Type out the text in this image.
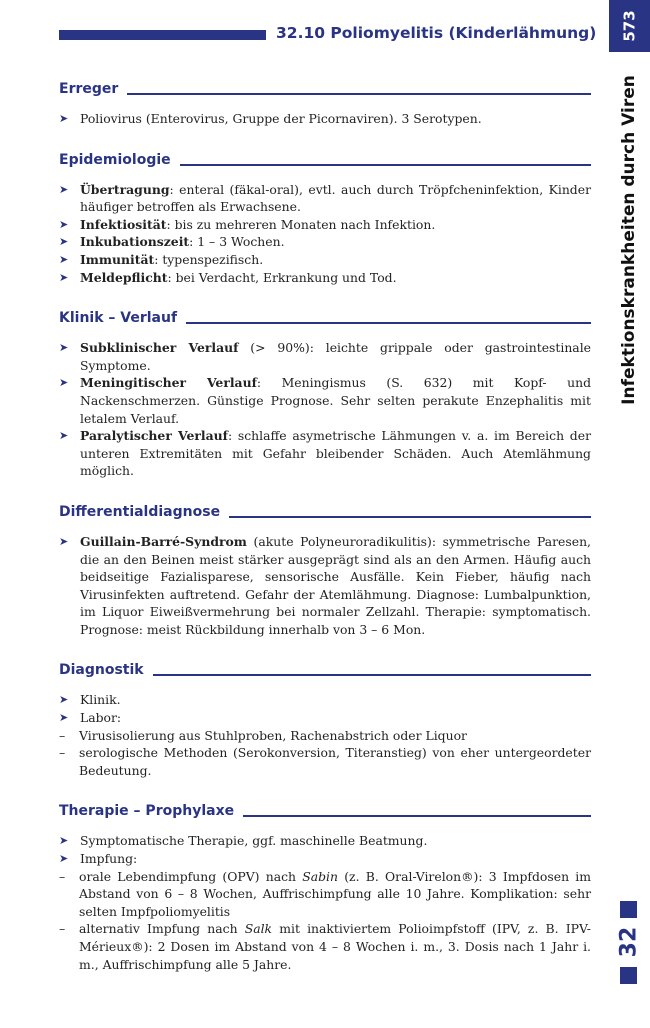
32.10 Poliomyelitis (Kinderlähmung) 573
Infektionskrankheiten durch Viren
32
Erreger
➤ Poliovirus (Enterovirus, Gruppe der Picornaviren). 3 Serotypen.
Epidemiologie
➤ Übertragung: enteral (fäkal-oral), evtl. auch durch Tröpfcheninfektion, Kinder häufiger betroffen als Erwachsene.
➤ Infektiosität: bis zu mehreren Monaten nach Infektion.
➤ Inkubationszeit: 1 – 3 Wochen.
➤ Immunität: typenspezifisch.
➤ Meldepflicht: bei Verdacht, Erkrankung und Tod.
Klinik – Verlauf
➤ Subklinischer Verlauf (> 90%): leichte grippale oder gastrointestinale Symptome.
➤ Meningitischer Verlauf: Meningismus (S. 632) mit Kopf- und Nackenschmerzen. Günstige Prognose. Sehr selten perakute Enzephalitis mit letalem Verlauf.
➤ Paralytischer Verlauf: schlaffe asymetrische Lähmungen v. a. im Bereich der unteren Extremitäten mit Gefahr bleibender Schäden. Auch Atemlähmung möglich.
Differentialdiagnose
➤ Guillain-Barré-Syndrom (akute Polyneuroradikulitis): symmetrische Paresen, die an den Beinen meist stärker ausgeprägt sind als an den Armen. Häufig auch beidseitige Fazialisparese, sensorische Ausfälle. Kein Fieber, häufig nach Virusinfekten auftretend. Gefahr der Atemlähmung. Diagnose: Lumbalpunktion, im Liquor Eiweißvermehrung bei normaler Zellzahl. Therapie: symptomatisch. Prognose: meist Rückbildung innerhalb von 3 – 6 Mon.
Diagnostik
➤ Klinik.
➤ Labor:
– Virusisolierung aus Stuhlproben, Rachenabstrich oder Liquor
– serologische Methoden (Serokonversion, Titeranstieg) von eher untergeordeter Bedeutung.
Therapie – Prophylaxe
➤ Symptomatische Therapie, ggf. maschinelle Beatmung.
➤ Impfung:
– orale Lebendimpfung (OPV) nach Sabin (z. B. Oral-Virelon®): 3 Impfdosen im Abstand von 6 – 8 Wochen, Auffrischimpfung alle 10 Jahre. Komplikation: sehr selten Impfpoliomyelitis
– alternativ Impfung nach Salk mit inaktiviertem Polioimpfstoff (IPV, z. B. IPV-Mérieux®): 2 Dosen im Abstand von 4 – 8 Wochen i. m., 3. Dosis nach 1 Jahr i. m., Auffrischimpfung alle 5 Jahre.
